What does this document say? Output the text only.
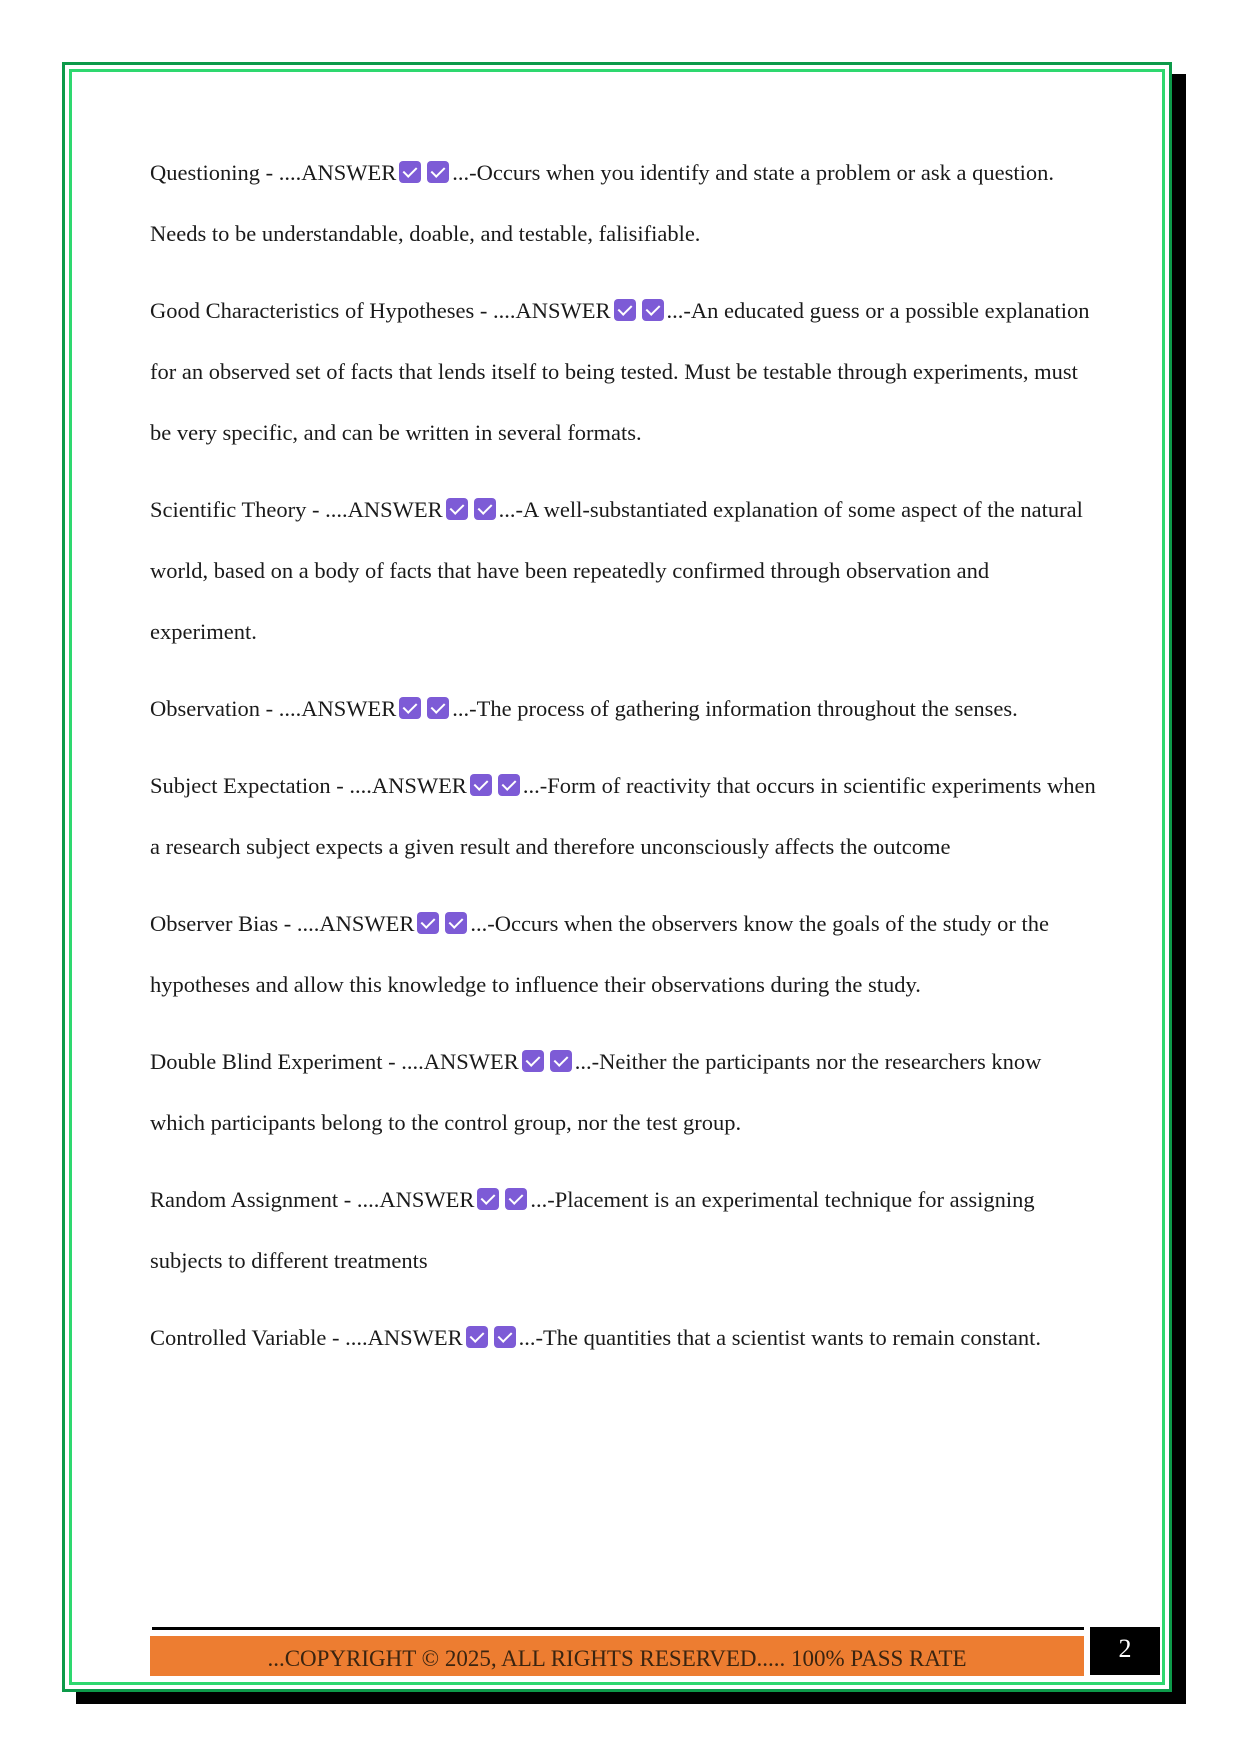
Questioning - ....ANSWER ...-Occurs when you identify and state a problem or ask a question. Needs to be understandable, doable, and testable, falisifiable.

Good Characteristics of Hypotheses - ....ANSWER ...-An educated guess or a possible explanation for an observed set of facts that lends itself to being tested. Must be testable through experiments, must be very specific, and can be written in several formats.

Scientific Theory - ....ANSWER ...-A well-substantiated explanation of some aspect of the natural world, based on a body of facts that have been repeatedly confirmed through observation and experiment.

Observation - ....ANSWER ...-The process of gathering information throughout the senses.

Subject Expectation - ....ANSWER ...-Form of reactivity that occurs in scientific experiments when a research subject expects a given result and therefore unconsciously affects the outcome

Observer Bias - ....ANSWER ...-Occurs when the observers know the goals of the study or the hypotheses and allow this knowledge to influence their observations during the study.

Double Blind Experiment - ....ANSWER ...-Neither the participants nor the researchers know which participants belong to the control group, nor the test group.

Random Assignment - ....ANSWER ...-Placement is an experimental technique for assigning subjects to different treatments

Controlled Variable - ....ANSWER ...-The quantities that a scientist wants to remain constant.

...COPYRIGHT © 2025, ALL RIGHTS RESERVED..... 100% PASS RATE	2
